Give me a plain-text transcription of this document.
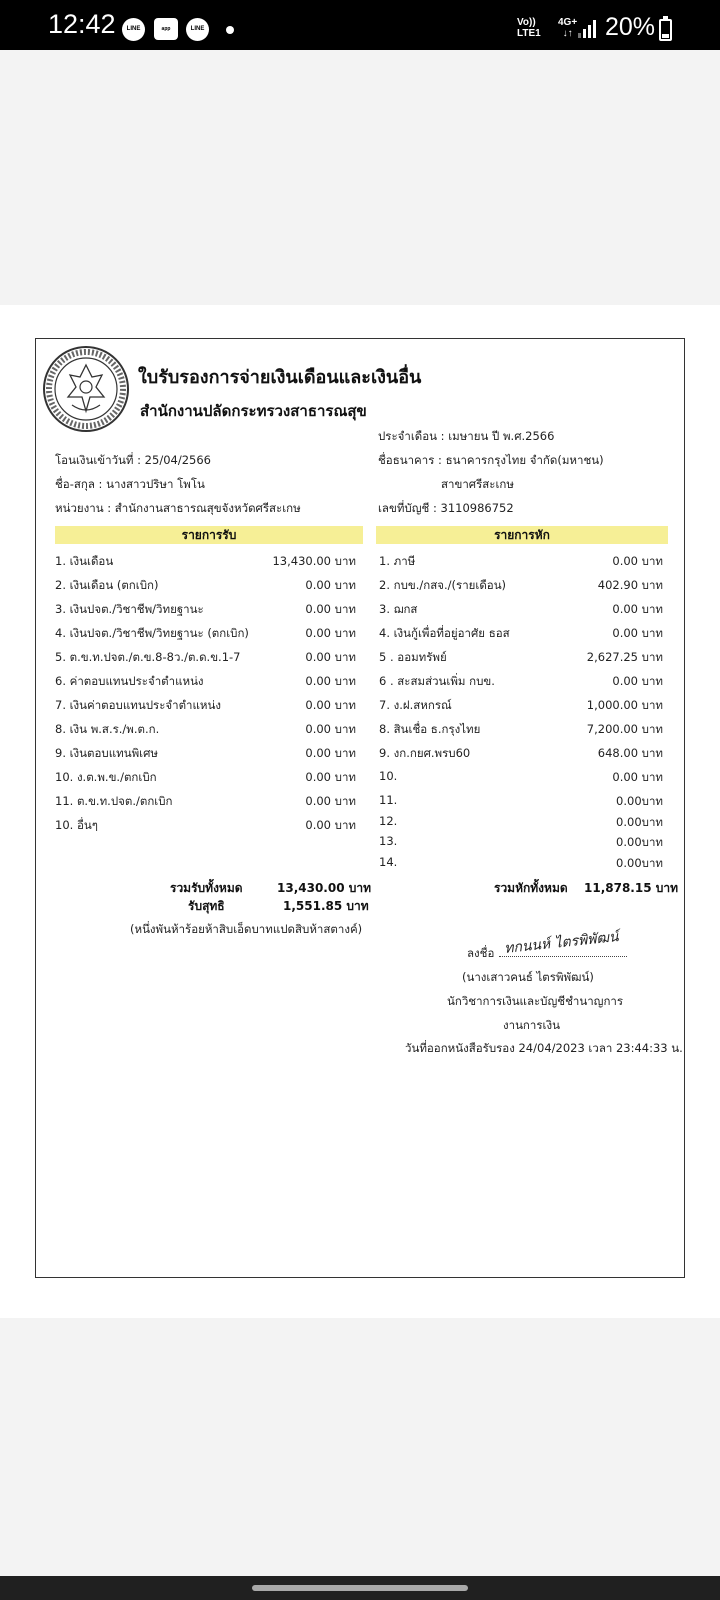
12:42	LINE	app	LINE
Vo))
LTE1
4G+
↓↑ 20%
ใบรับรองการจ่ายเงินเดือนและเงินอื่น
สำนักงานปลัดกระทรวงสาธารณสุข
ประจำเดือน : เมษายน ปี พ.ศ.2566
โอนเงินเข้าวันที่ : 25/04/2566	ชื่อธนาคาร : ธนาคารกรุงไทย จำกัด(มหาชน)
ชื่อ-สกุล : นางสาวปริษา โพโน	สาขาศรีสะเกษ
หน่วยงาน : สำนักงานสาธารณสุขจังหวัดศรีสะเกษ	เลขที่บัญชี : 3110986752
รายการรับ	รายการหัก
1. เงินเดือน	13,430.00 บาท
2. เงินเดือน (ตกเบิก)	0.00 บาท
3. เงินปจต./วิชาชีพ/วิทยฐานะ	0.00 บาท
4. เงินปจต./วิชาชีพ/วิทยฐานะ (ตกเบิก)	0.00 บาท
5. ต.ข.ท.ปจต./ต.ข.8-8ว./ต.ด.ข.1-7	0.00 บาท
6. ค่าตอบแทนประจำตำแหน่ง	0.00 บาท
7. เงินค่าตอบแทนประจำตำแหน่ง	0.00 บาท
8. เงิน พ.ส.ร./พ.ต.ก.	0.00 บาท
9. เงินตอบแทนพิเศษ	0.00 บาท
10. ง.ต.พ.ข./ตกเบิก	0.00 บาท
11. ต.ข.ท.ปจต./ตกเบิก	0.00 บาท
10. อื่นๆ	0.00 บาท
1. ภาษี	0.00 บาท
2. กบข./กสจ./(รายเดือน)	402.90 บาท
3. ฌกส	0.00 บาท
4. เงินกู้เพื่อที่อยู่อาศัย ธอส	0.00 บาท
5 . ออมทรัพย์	2,627.25 บาท
6 . สะสมส่วนเพิ่ม กบข.	0.00 บาท
7. ง.ฝ.สหกรณ์	1,000.00 บาท
8. สินเชื่อ ธ.กรุงไทย	7,200.00 บาท
9. งก.กยศ.พรบ60	648.00 บาท
10.	0.00 บาท
11.	0.00บาท
12.	0.00บาท
13.	0.00บาท
14.	0.00บาท
รวมรับทั้งหมด	13,430.00 บาท
รับสุทธิ	1,551.85 บาท
(หนึ่งพันห้าร้อยห้าสิบเอ็ดบาทแปดสิบห้าสตางค์)
รวมหักทั้งหมด 11,878.15 บาท
ลงชื่อ ทกนนห์ ไตรพิพัฒน์
(นางเสาวคนธ์ ไตรพิพัฒน์)
นักวิชาการเงินและบัญชีชำนาญการ
งานการเงิน
วันที่ออกหนังสือรับรอง 24/04/2023 เวลา 23:44:33 น.
